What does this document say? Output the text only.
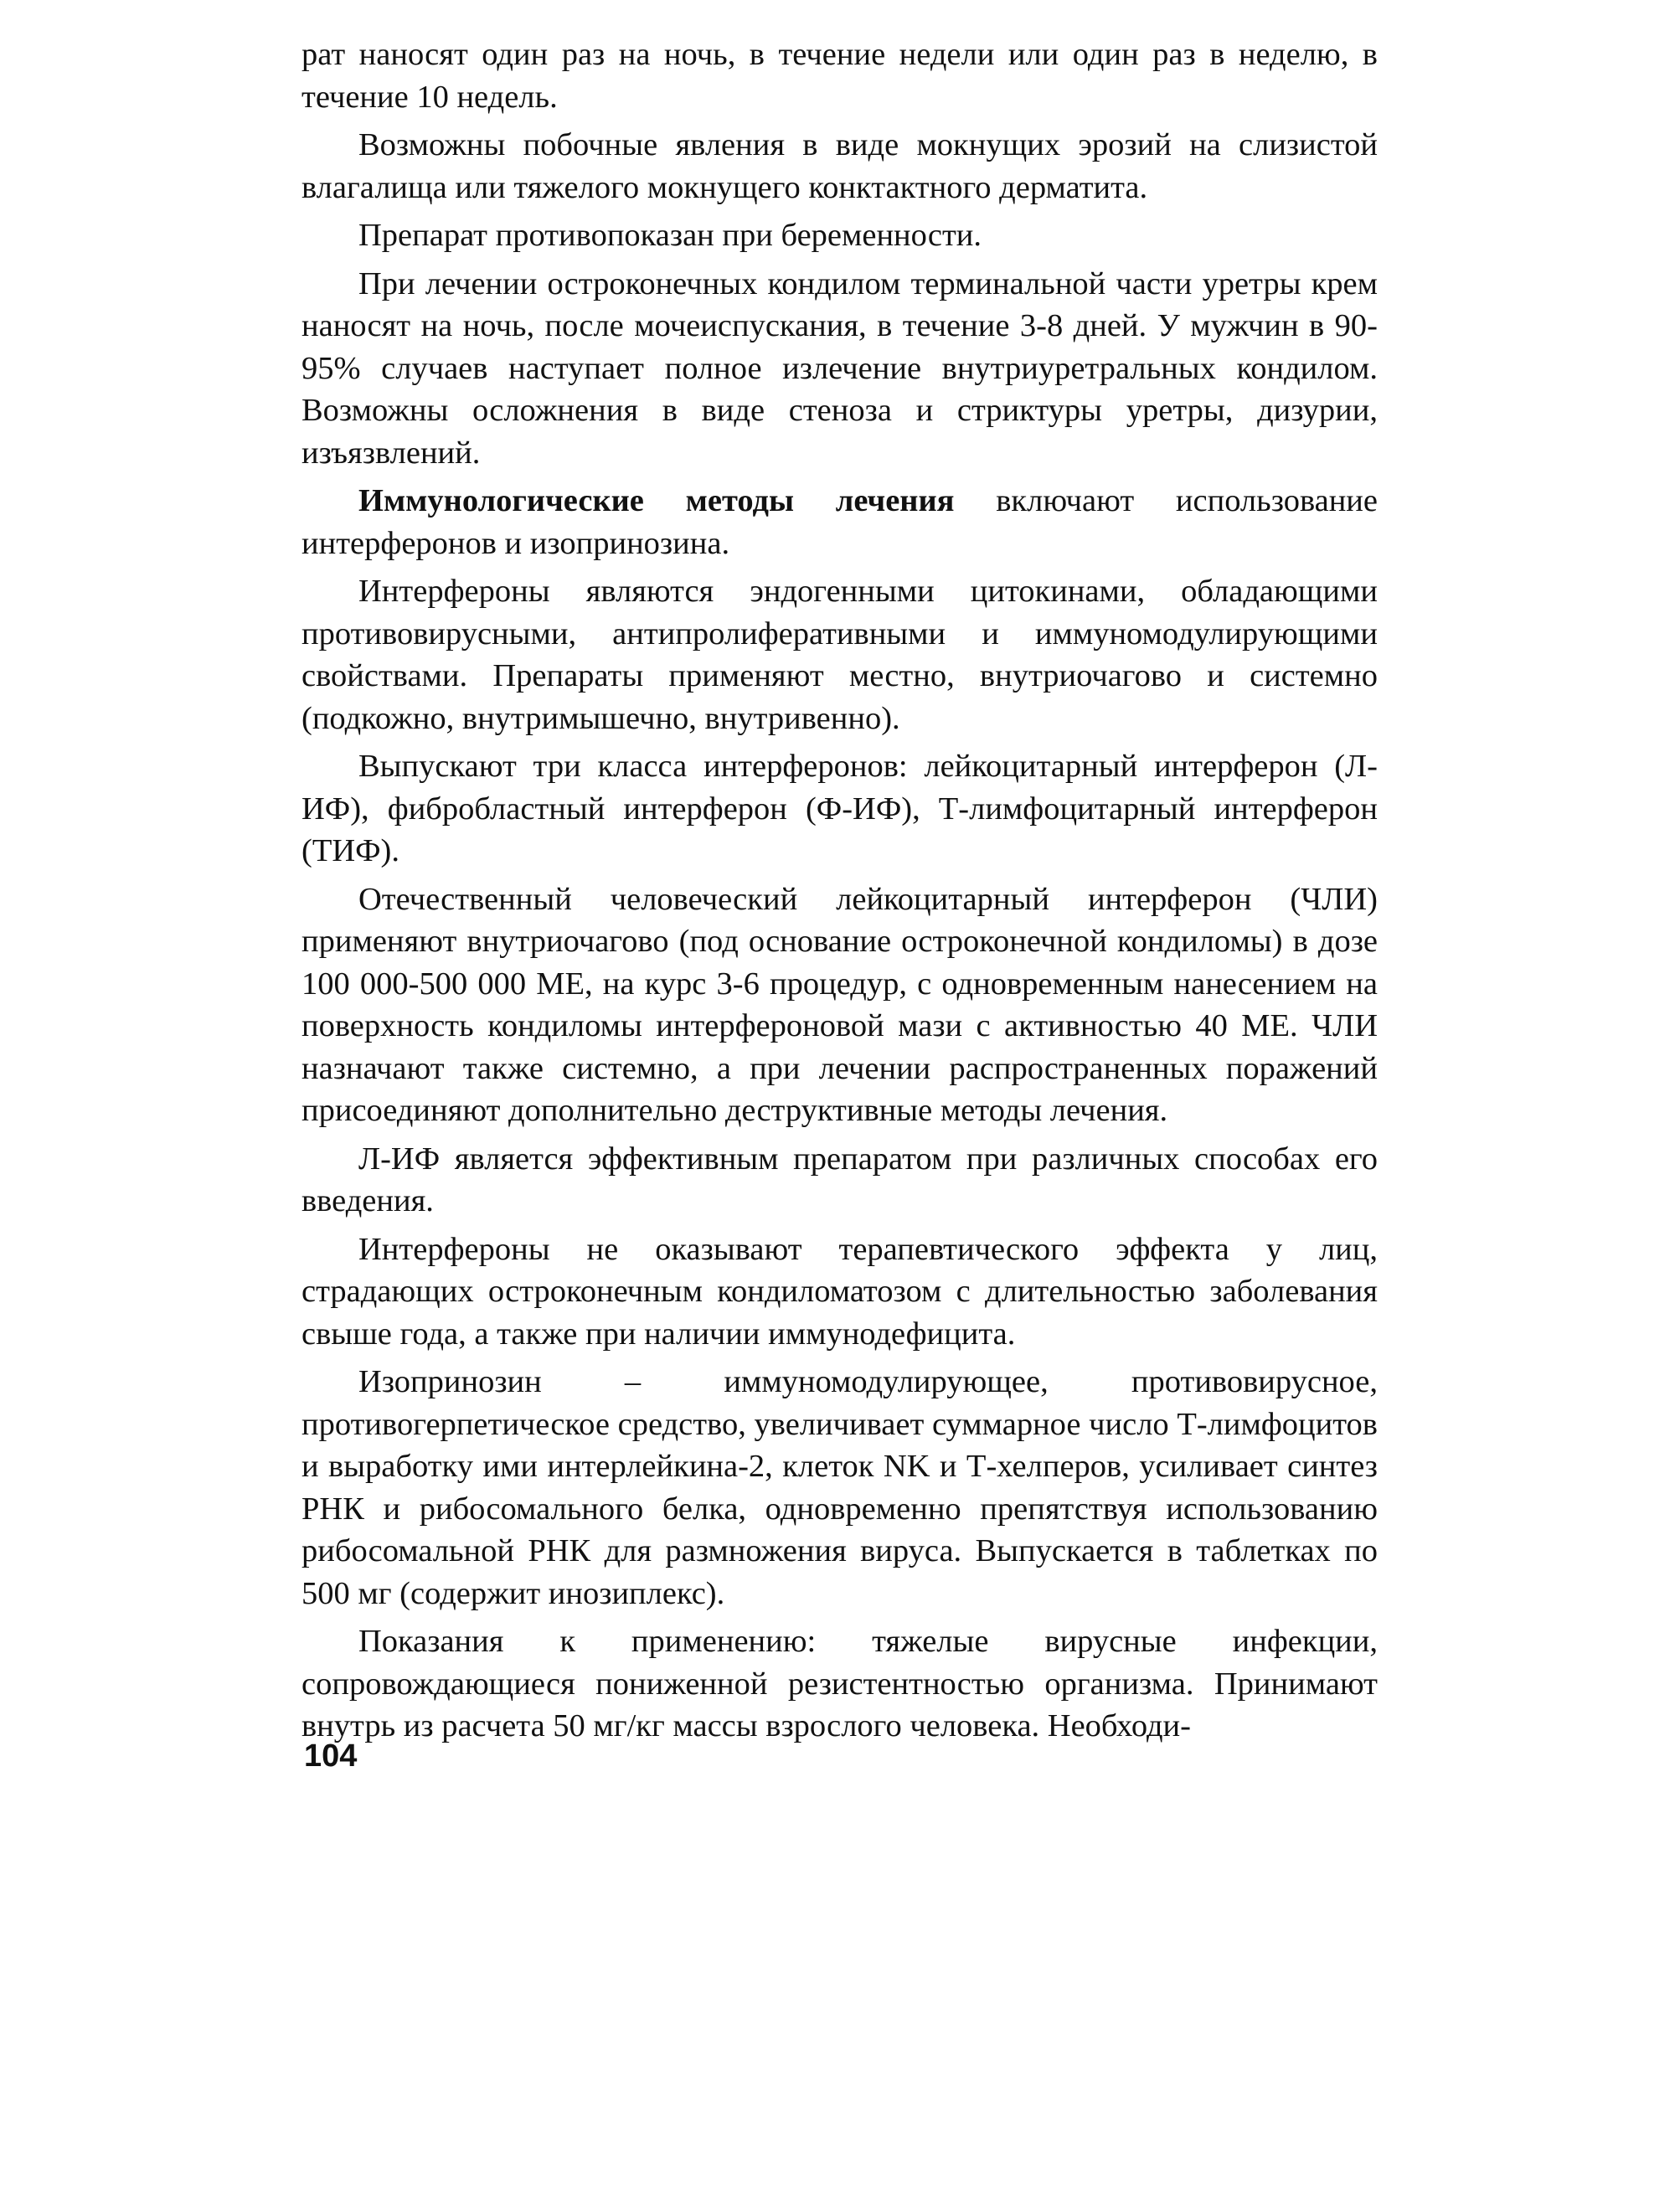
рат наносят один раз на ночь, в течение недели или один раз в неделю, в течение 10 недель.

Возможны побочные явления в виде мокнущих эрозий на слизистой влагалища или тяжелого мокнущего конктактного дерматита.

Препарат противопоказан при беременности.

При лечении остроконечных кондилом терминальной части уретры крем наносят на ночь, после мочеиспускания, в течение 3-8 дней. У мужчин в 90-95% случаев наступает полное излечение внутриуретральных кондилом. Возможны осложнения в виде стеноза и стриктуры уретры, дизурии, изъязвлений.

Иммунологические методы лечения включают использование интерферонов и изопринозина.

Интерфероны являются эндогенными цитокинами, обладающими противовирусными, антипролиферативными и иммуномодулирующими свойствами. Препараты применяют местно, внутриочагово и системно (подкожно, внутримышечно, внутривенно).

Выпускают три класса интерферонов: лейкоцитарный интерферон (Л-ИФ), фибробластный интерферон (Ф-ИФ), Т-лимфоцитарный интерферон (ТИФ).

Отечественный человеческий лейкоцитарный интерферон (ЧЛИ) применяют внутриочагово (под основание остроконечной кондиломы) в дозе 100 000-500 000 МЕ, на курс 3-6 процедур, с одновременным нанесением на поверхность кондиломы интерфероновой мази с активностью 40 МЕ. ЧЛИ назначают также системно, а при лечении распространенных поражений присоединяют дополнительно деструктивные методы лечения.

Л-ИФ является эффективным препаратом при различных способах его введения.

Интерфероны не оказывают терапевтического эффекта у лиц, страдающих остроконечным кондиломатозом с длительностью заболевания свыше года, а также при наличии иммунодефицита.

Изопринозин – иммуномодулирующее, противовирусное, противогерпетическое средство, увеличивает суммарное число Т-лимфоцитов и выработку ими интерлейкина-2, клеток NK и Т-хелперов, усиливает синтез РНК и рибосомального белка, одновременно препятствуя использованию рибосомальной РНК для размножения вируса. Выпускается в таблетках по 500 мг (содержит инозиплекс).

Показания к применению: тяжелые вирусные инфекции, сопровождающиеся пониженной резистентностью организма. Принимают внутрь из расчета 50 мг/кг массы взрослого человека. Необходи-

104
